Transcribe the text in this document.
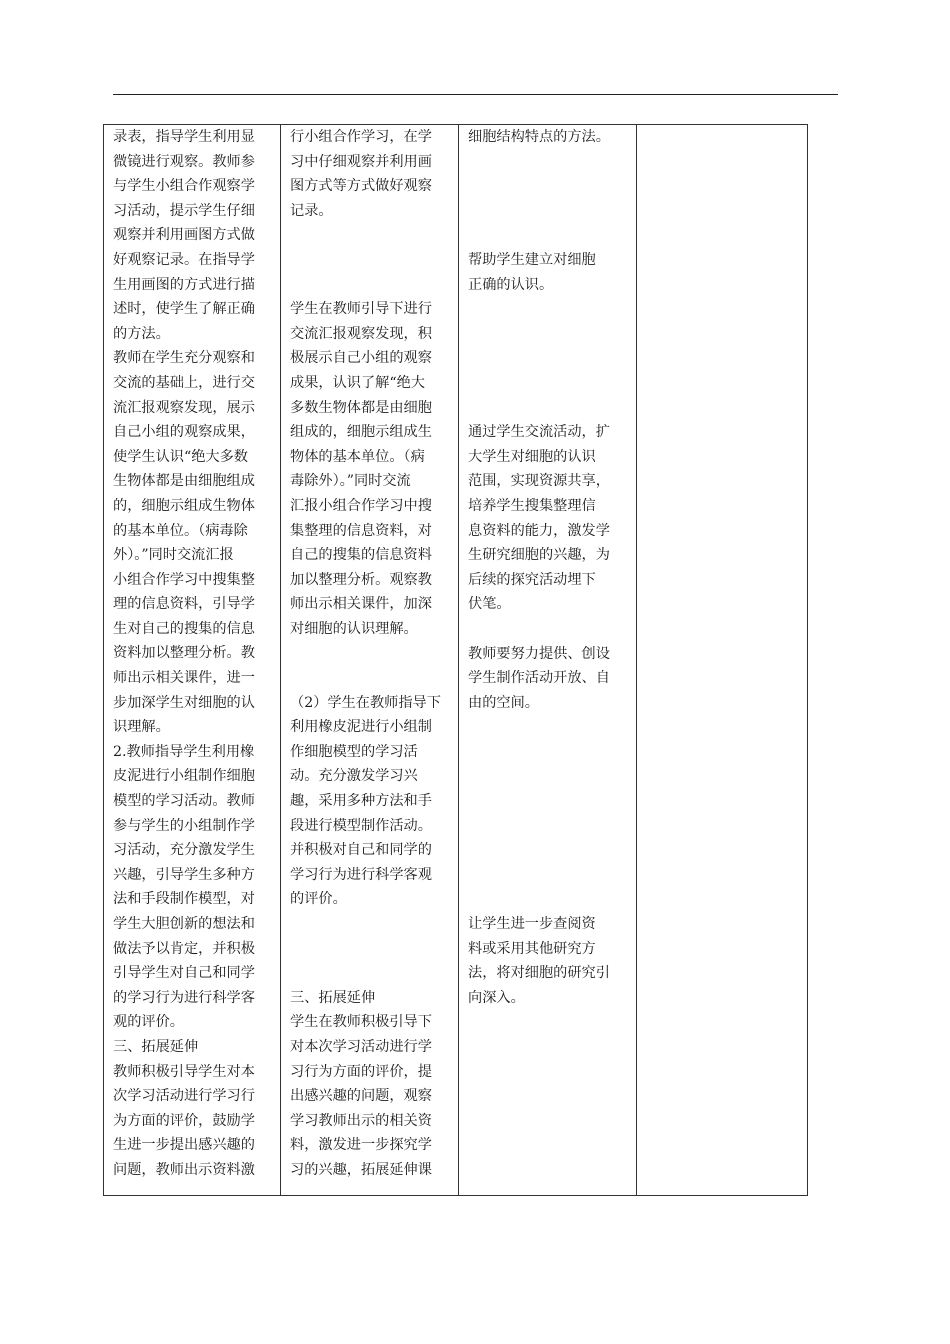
录表，指导学生利用显
微镜进行观察。教师参
与学生小组合作观察学
习活动，提示学生仔细
观察并利用画图方式做
好观察记录。在指导学
生用画图的方式进行描
述时，使学生了解正确
的方法。
教师在学生充分观察和
交流的基础上，进行交
流汇报观察发现，展示
自己小组的观察成果，
使学生认识“绝大多数
生物体都是由细胞组成
的，细胞示组成生物体
的基本单位。（病毒除
外）。”同时交流汇报
小组合作学习中搜集整
理的信息资料，引导学
生对自己的搜集的信息
资料加以整理分析。教
师出示相关课件，进一
步加深学生对细胞的认
识理解。
2.教师指导学生利用橡
皮泥进行小组制作细胞
模型的学习活动。教师
参与学生的小组制作学
习活动，充分激发学生
兴趣，引导学生多种方
法和手段制作模型，对
学生大胆创新的想法和
做法予以肯定，并积极
引导学生对自己和同学
的学习行为进行科学客
观的评价。
三、拓展延伸
教师积极引导学生对本
次学习活动进行学习行
为方面的评价，鼓励学
生进一步提出感兴趣的
问题，教师出示资料激

行小组合作学习，在学
习中仔细观察并利用画
图方式等方式做好观察
记录。
学生在教师引导下进行
交流汇报观察发现，积
极展示自己小组的观察
成果，认识了解“绝大
多数生物体都是由细胞
组成的，细胞示组成生
物体的基本单位。（病
毒除外）。”同时交流
汇报小组合作学习中搜
集整理的信息资料，对
自己的搜集的信息资料
加以整理分析。观察教
师出示相关课件，加深
对细胞的认识理解。
（2）学生在教师指导下
利用橡皮泥进行小组制
作细胞模型的学习活
动。充分激发学习兴
趣，采用多种方法和手
段进行模型制作活动。
并积极对自己和同学的
学习行为进行科学客观
的评价。
三、拓展延伸
学生在教师积极引导下
对本次学习活动进行学
习行为方面的评价，提
出感兴趣的问题，观察
学习教师出示的相关资
料，激发进一步探究学
习的兴趣，拓展延伸课

细胞结构特点的方法。
帮助学生建立对细胞
正确的认识。
通过学生交流活动，扩
大学生对细胞的认识
范围，实现资源共享，
培养学生搜集整理信
息资料的能力，激发学
生研究细胞的兴趣，为
后续的探究活动埋下
伏笔。
教师要努力提供、创设
学生制作活动开放、自
由的空间。
让学生进一步查阅资
料或采用其他研究方
法，将对细胞的研究引
向深入。
